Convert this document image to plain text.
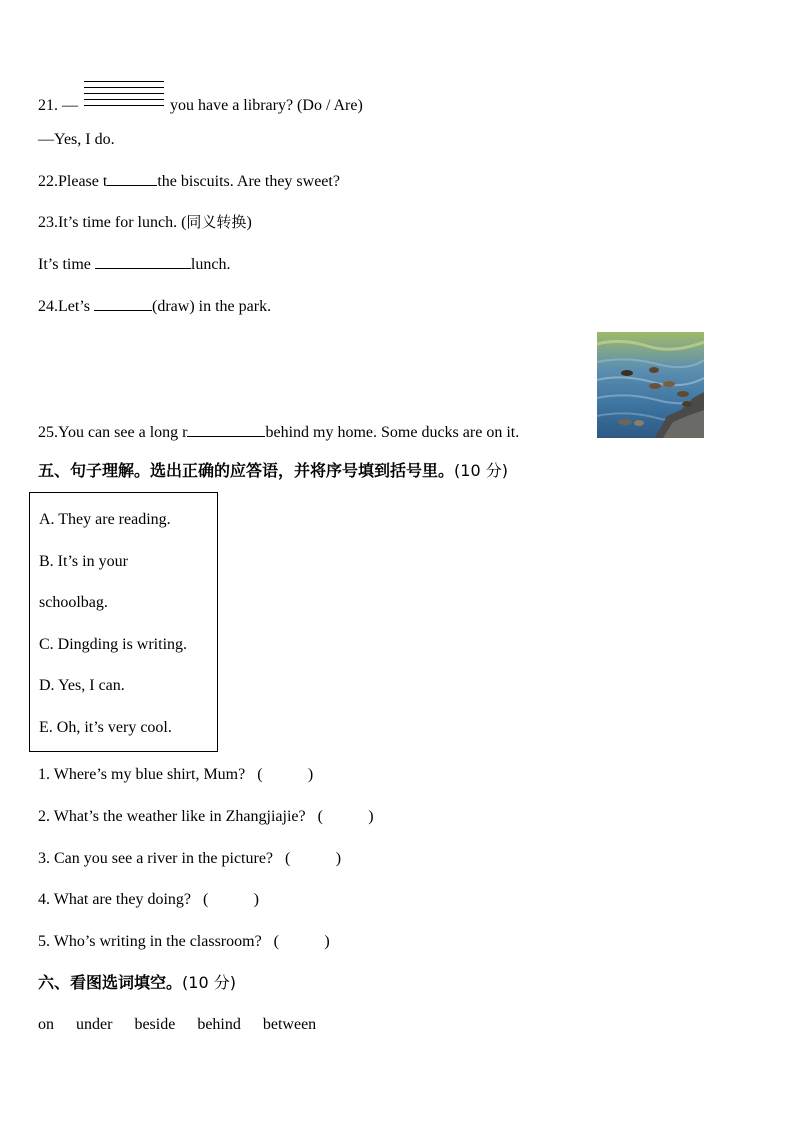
21. —	you have a library? (Do / Are)
—Yes, I do.
22.Please t	the biscuits. Are they sweet?
23.It’s time for lunch. (同义转换)
It’s time	lunch.
24.Let’s	(draw) in the park.
25.You can see a long r	behind my home. Some ducks are on it.
五、句子理解。选出正确的应答语，并将序号填到括号里。(10 分)
A. They are reading.
B. It’s in your
schoolbag.
C. Dingding is writing.
D. Yes, I can.
E. Oh, it’s very cool.
1. Where’s my blue shirt, Mum? (	)

2. What’s the weather like in Zhangjiajie? (	)

3. Can you see a river in the picture? (	)

4. What are they doing? (	)

5. Who’s writing in the classroom? (	)

六、看图选词填空。(10 分)
on under beside behind between
